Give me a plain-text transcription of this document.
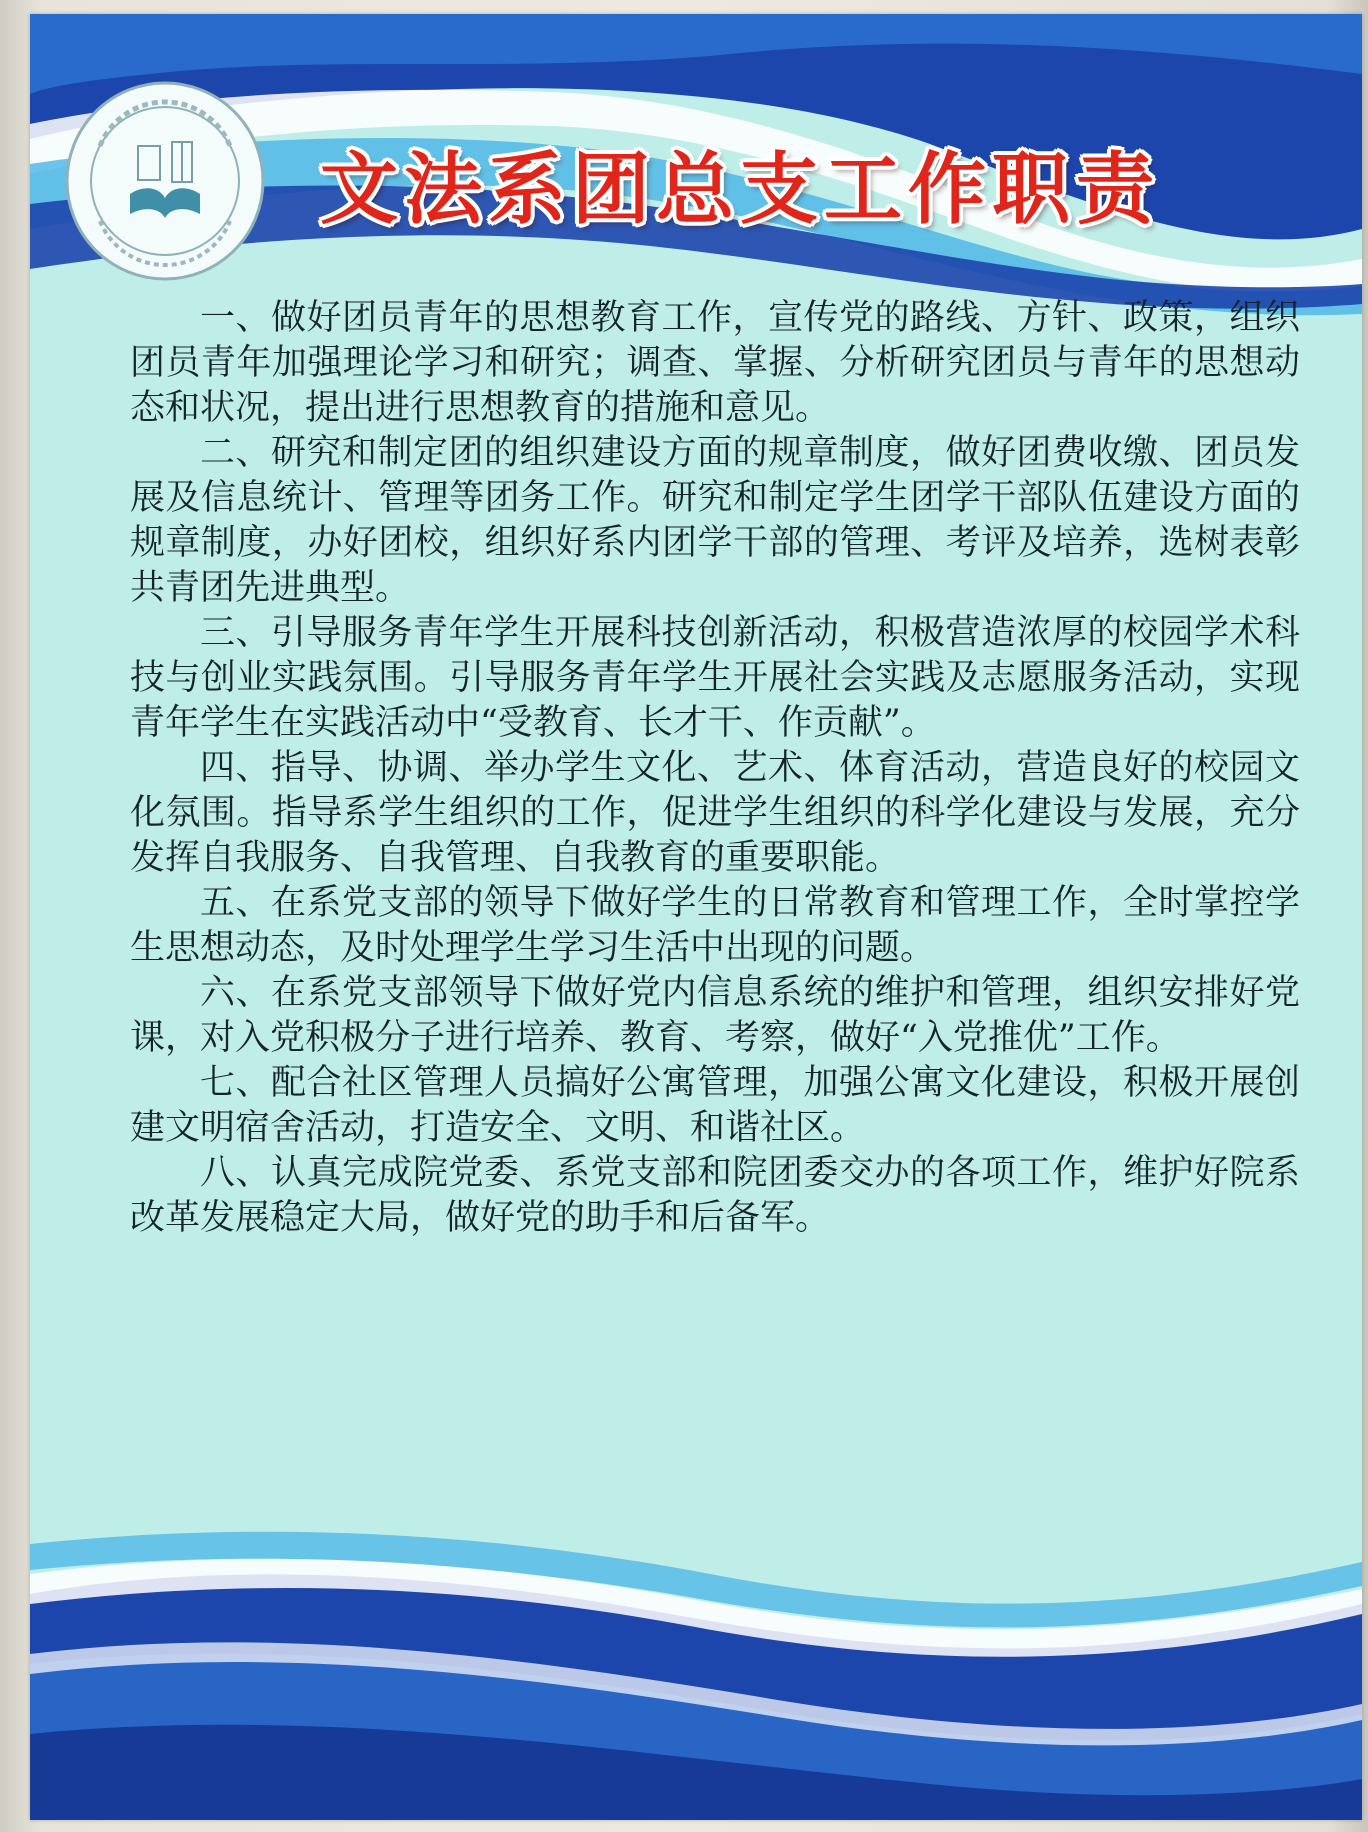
文法系团总支工作职责

一、做好团员青年的思想教育工作，宣传党的路线、方针、政策，组织团员青年加强理论学习和研究；调查、掌握、分析研究团员与青年的思想动态和状况，提出进行思想教育的措施和意见。

二、研究和制定团的组织建设方面的规章制度，做好团费收缴、团员发展及信息统计、管理等团务工作。研究和制定学生团学干部队伍建设方面的规章制度，办好团校，组织好系内团学干部的管理、考评及培养，选树表彰共青团先进典型。

三、引导服务青年学生开展科技创新活动，积极营造浓厚的校园学术科技与创业实践氛围。引导服务青年学生开展社会实践及志愿服务活动，实现青年学生在实践活动中“受教育、长才干、作贡献”。

四、指导、协调、举办学生文化、艺术、体育活动，营造良好的校园文化氛围。指导系学生组织的工作，促进学生组织的科学化建设与发展，充分发挥自我服务、自我管理、自我教育的重要职能。

五、在系党支部的领导下做好学生的日常教育和管理工作，全时掌控学生思想动态，及时处理学生学习生活中出现的问题。

六、在系党支部领导下做好党内信息系统的维护和管理，组织安排好党课，对入党积极分子进行培养、教育、考察，做好“入党推优”工作。

七、配合社区管理人员搞好公寓管理，加强公寓文化建设，积极开展创建文明宿舍活动，打造安全、文明、和谐社区。

八、认真完成院党委、系党支部和院团委交办的各项工作，维护好院系改革发展稳定大局，做好党的助手和后备军。
